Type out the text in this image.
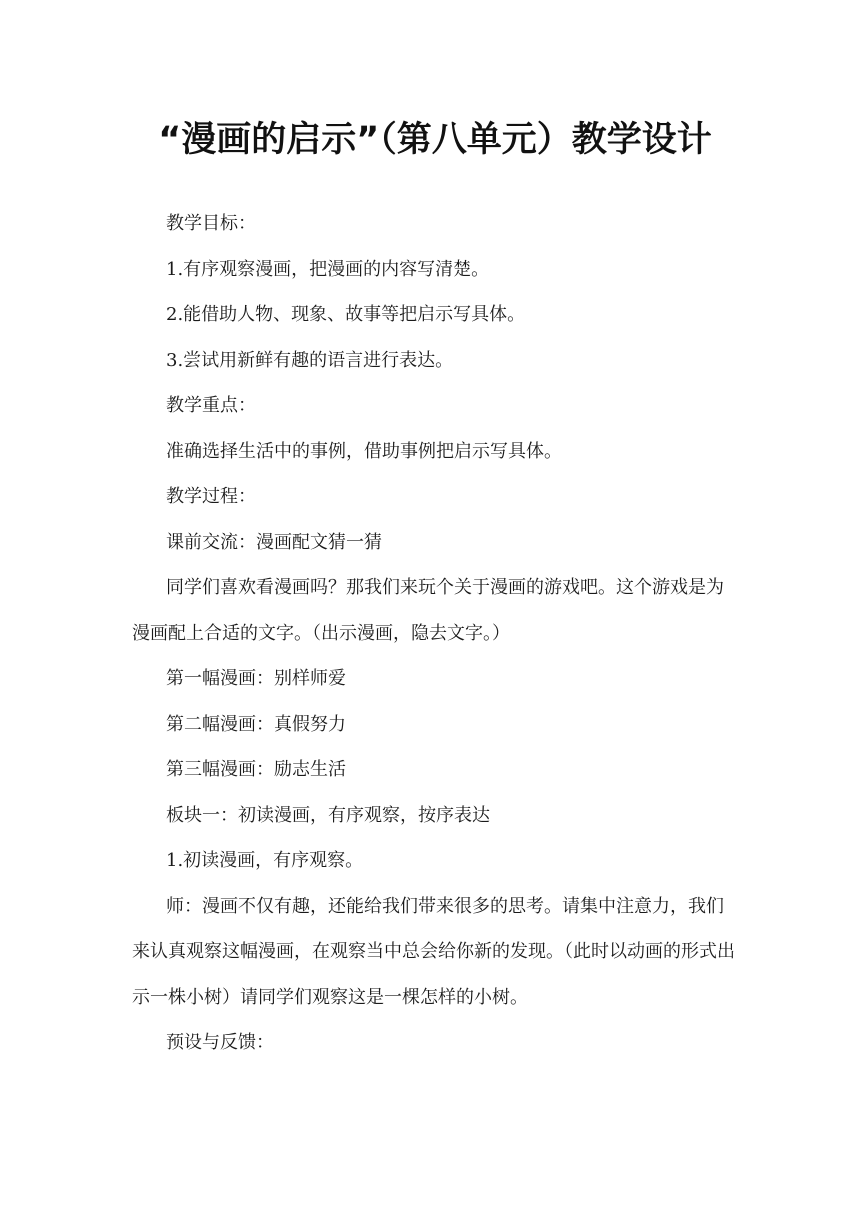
“漫画的启示”（第八单元）教学设计

教学目标：

1.有序观察漫画，把漫画的内容写清楚。

2.能借助人物、现象、故事等把启示写具体。

3.尝试用新鲜有趣的语言进行表达。

教学重点：

准确选择生活中的事例，借助事例把启示写具体。

教学过程：

课前交流：漫画配文猜一猜

同学们喜欢看漫画吗？那我们来玩个关于漫画的游戏吧。这个游戏是为漫画配上合适的文字。（出示漫画，隐去文字。）

第一幅漫画：别样师爱

第二幅漫画：真假努力

第三幅漫画：励志生活

板块一：初读漫画，有序观察，按序表达

1.初读漫画，有序观察。

师：漫画不仅有趣，还能给我们带来很多的思考。请集中注意力，我们来认真观察这幅漫画，在观察当中总会给你新的发现。（此时以动画的形式出示一株小树）请同学们观察这是一棵怎样的小树。

预设与反馈：
